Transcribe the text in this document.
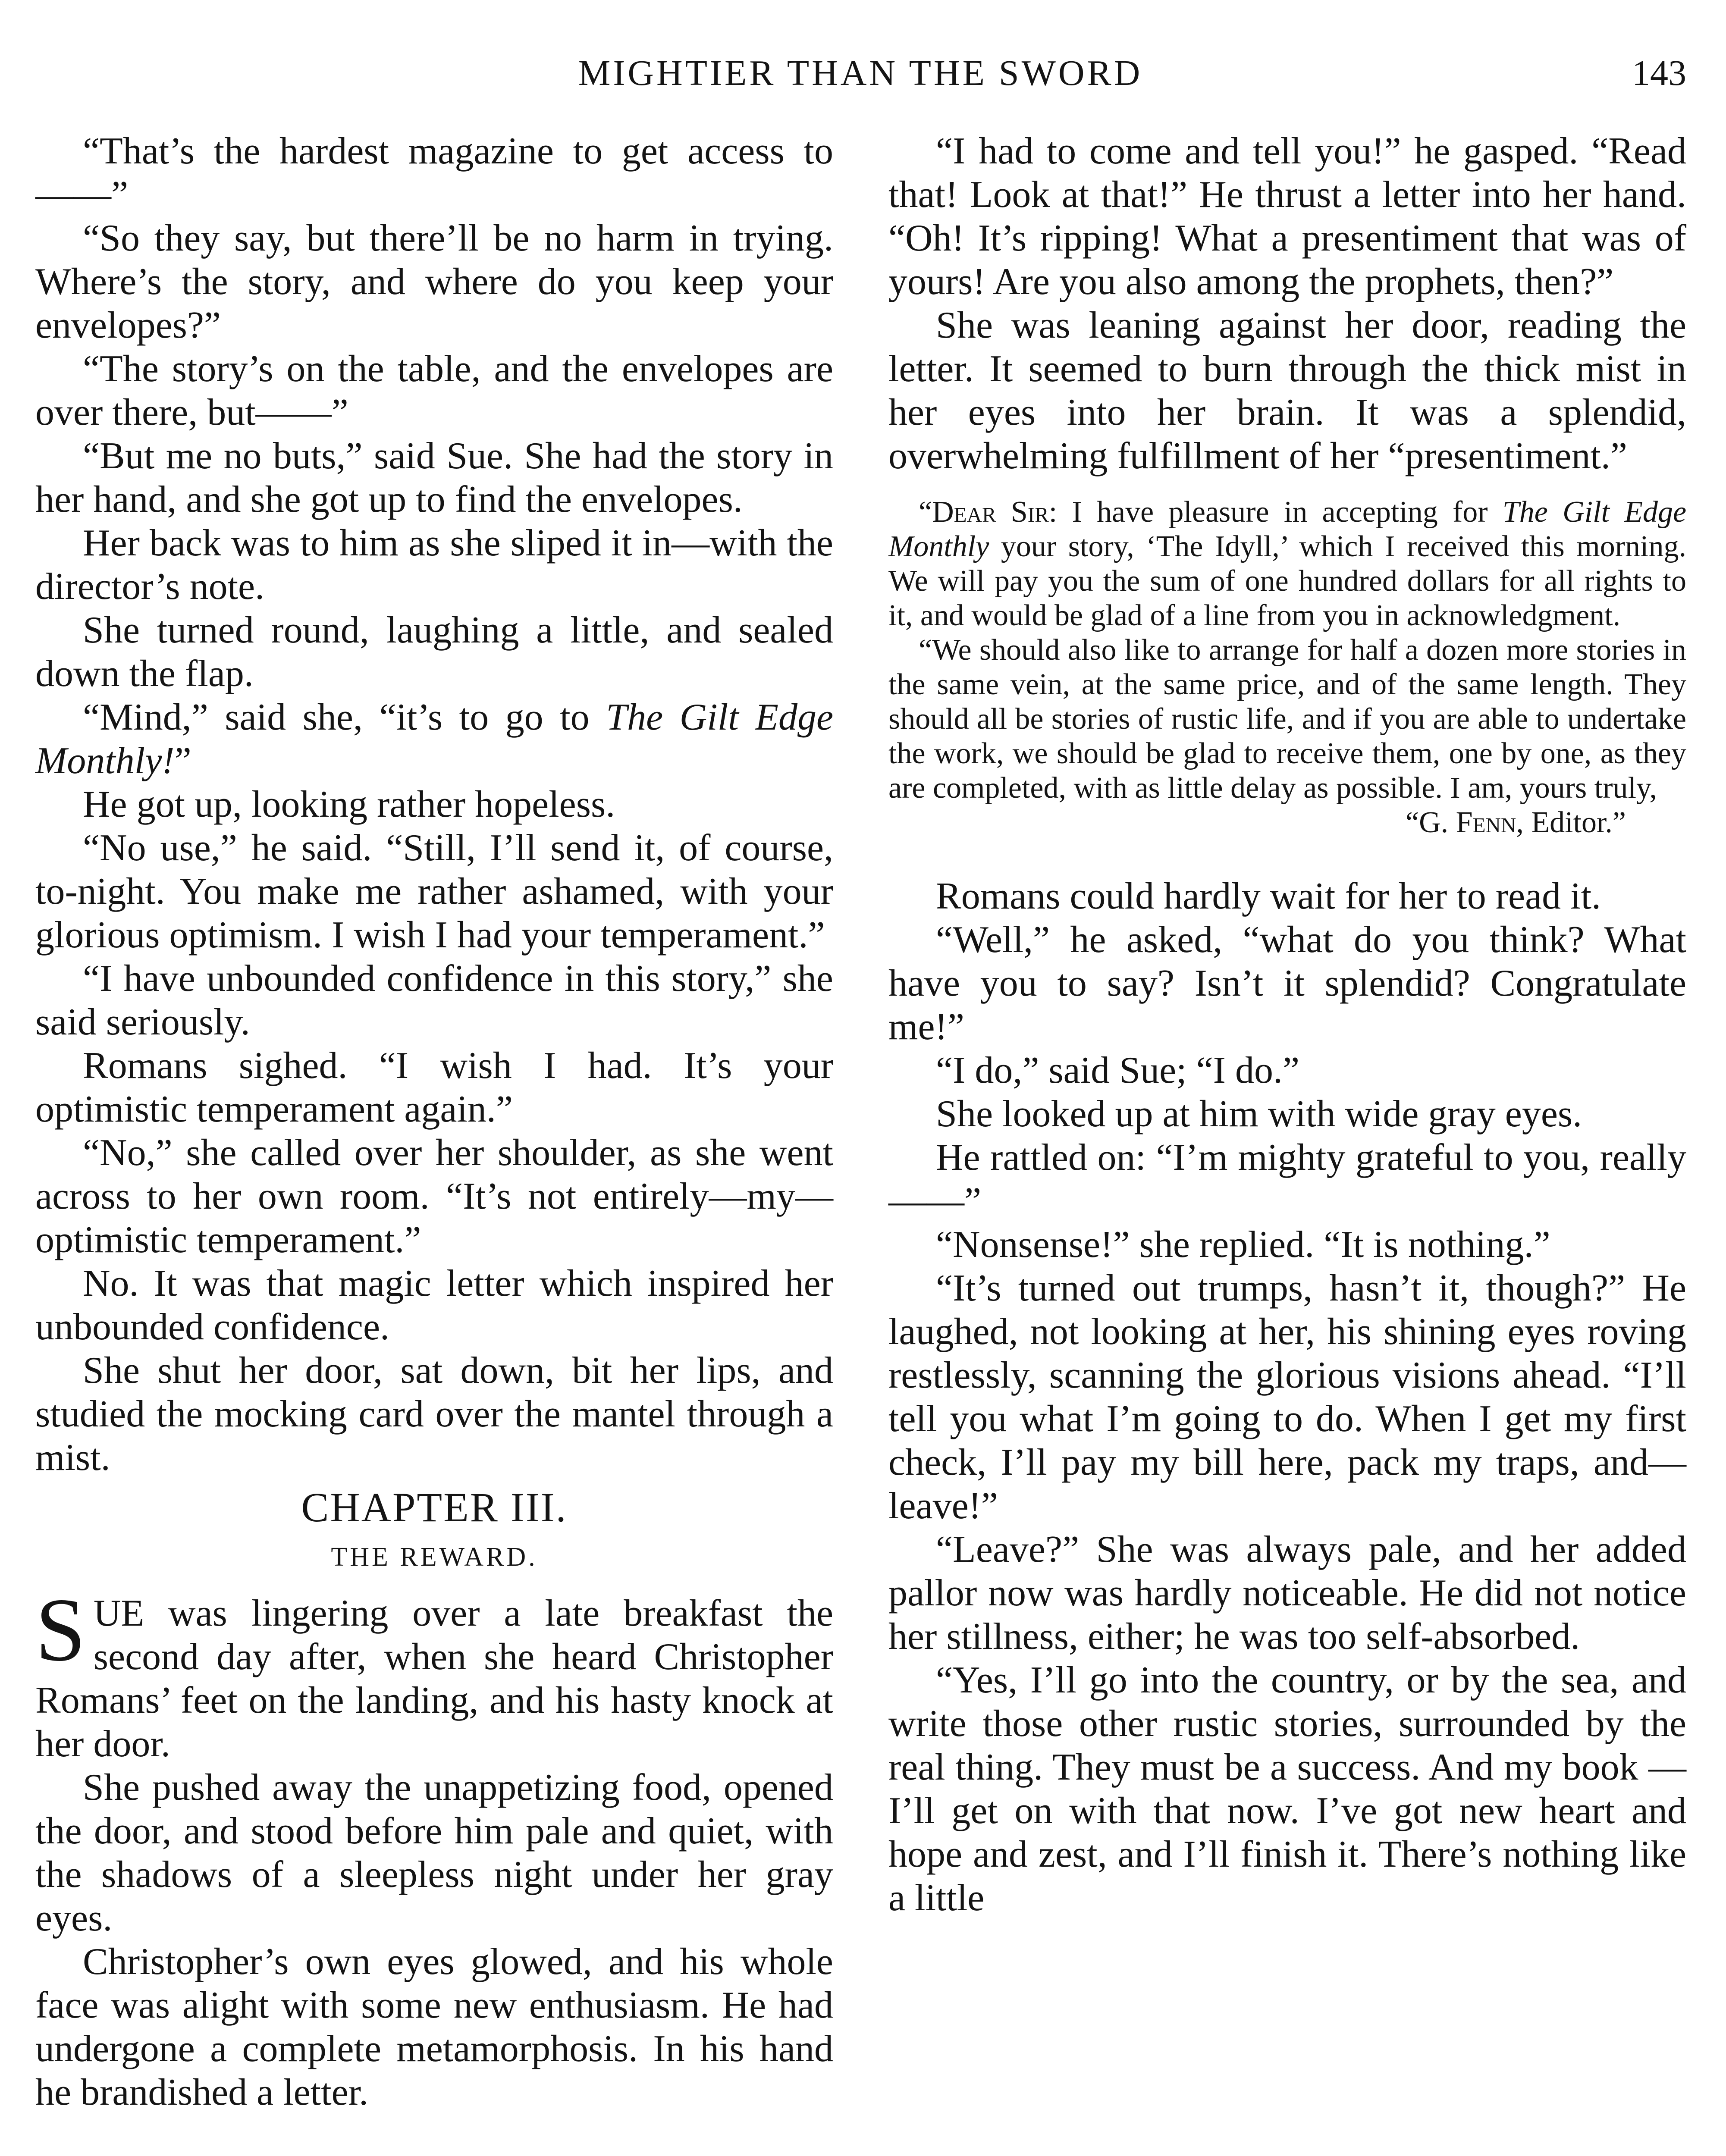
MIGHTIER THAN THE SWORD	143

“That’s the hardest magazine to get access to——”

“So they say, but there’ll be no harm in trying. Where’s the story, and where do you keep your envelopes?”

“The story’s on the table, and the envelopes are over there, but——”

“But me no buts,” said Sue. She had the story in her hand, and she got up to find the envelopes.

Her back was to him as she sliped it in—with the director’s note.

She turned round, laughing a little, and sealed down the flap.

“Mind,” said she, “it’s to go to The Gilt Edge Monthly!”

He got up, looking rather hopeless.

“No use,” he said. “Still, I’ll send it, of course, to-night. You make me rather ashamed, with your glorious optimism. I wish I had your temperament.”

“I have unbounded confidence in this story,” she said seriously.

Romans sighed. “I wish I had. It’s your optimistic temperament again.”

“No,” she called over her shoulder, as she went across to her own room. “It’s not entirely—my—optimistic temperament.”

No. It was that magic letter which inspired her unbounded confidence.

She shut her door, sat down, bit her lips, and studied the mocking card over the mantel through a mist.

CHAPTER III.

THE REWARD.

SUE was lingering over a late breakfast the second day after, when she heard Christopher Romans’ feet on the landing, and his hasty knock at her door.

She pushed away the unappetizing food, opened the door, and stood before him pale and quiet, with the shadows of a sleepless night under her gray eyes.

Christopher’s own eyes glowed, and his whole face was alight with some new enthusiasm. He had undergone a complete metamorphosis. In his hand he brandished a letter.

“I had to come and tell you!” he gasped. “Read that! Look at that!” He thrust a letter into her hand. “Oh! It’s ripping! What a presentiment that was of yours! Are you also among the prophets, then?”

She was leaning against her door, reading the letter. It seemed to burn through the thick mist in her eyes into her brain. It was a splendid, overwhelming fulfillment of her “presentiment.”

“Dear Sir: I have pleasure in accepting for The Gilt Edge Monthly your story, ‘The Idyll,’ which I received this morning. We will pay you the sum of one hundred dollars for all rights to it, and would be glad of a line from you in acknowledgment.

“We should also like to arrange for half a dozen more stories in the same vein, at the same price, and of the same length. They should all be stories of rustic life, and if you are able to undertake the work, we should be glad to receive them, one by one, as they are completed, with as little delay as possible. I am, yours truly,

“G. Fenn, Editor.”

Romans could hardly wait for her to read it.

“Well,” he asked, “what do you think? What have you to say? Isn’t it splendid? Congratulate me!”

“I do,” said Sue; “I do.”

She looked up at him with wide gray eyes.

He rattled on: “I’m mighty grateful to you, really——”

“Nonsense!” she replied. “It is nothing.”

“It’s turned out trumps, hasn’t it, though?” He laughed, not looking at her, his shining eyes roving restlessly, scanning the glorious visions ahead. “I’ll tell you what I’m going to do. When I get my first check, I’ll pay my bill here, pack my traps, and—leave!”

“Leave?” She was always pale, and her added pallor now was hardly noticeable. He did not notice her stillness, either; he was too self-absorbed.

“Yes, I’ll go into the country, or by the sea, and write those other rustic stories, surrounded by the real thing. They must be a success. And my book —I’ll get on with that now. I’ve got new heart and hope and zest, and I’ll finish it. There’s nothing like a little
